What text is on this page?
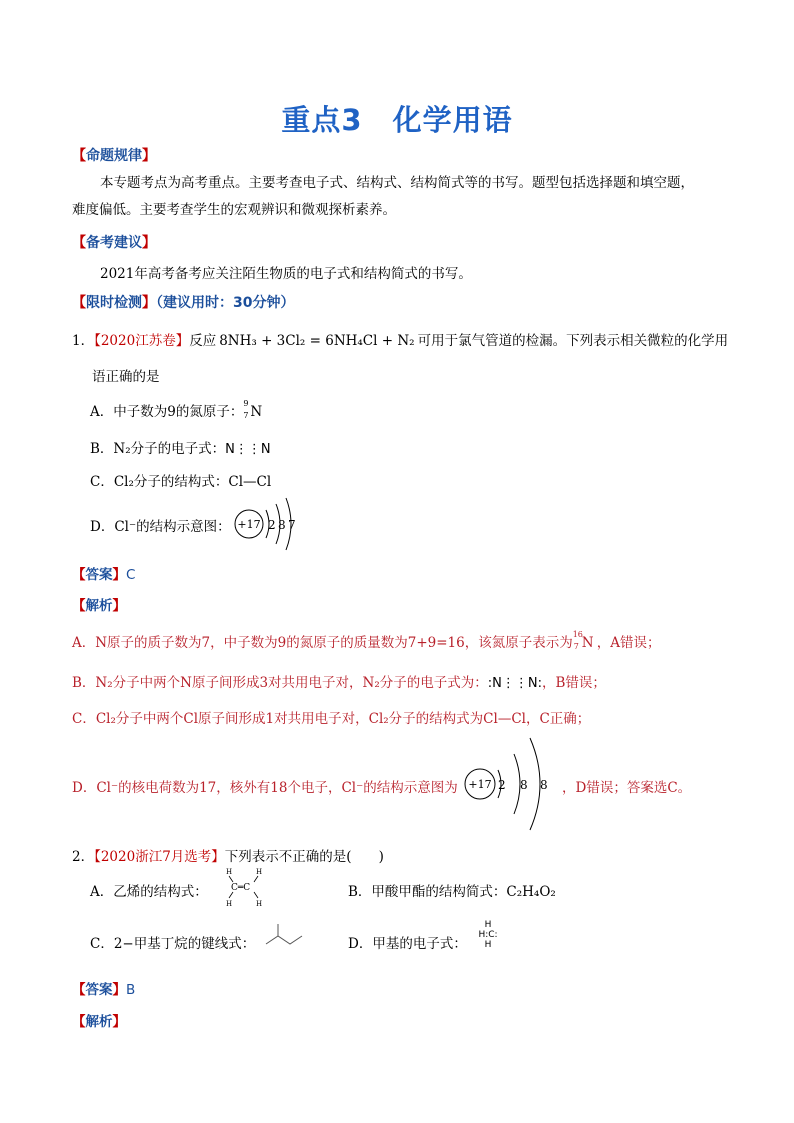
重点3　化学用语
【命题规律】
本专题考点为高考重点。主要考查电子式、结构式、结构简式等的书写。题型包括选择题和填空题，
难度偏低。主要考查学生的宏观辨识和微观探析素养。
【备考建议】
2021年高考备考应关注陌生物质的电子式和结构简式的书写。
【限时检测】（建议用时：30分钟）
1．【2020江苏卷】反应 8NH₃ + 3Cl₂ = 6NH₄Cl + N₂ 可用于氯气管道的检漏。下列表示相关微粒的化学用
语正确的是
A．中子数为9的氮原子：
9
7 N
B．N₂分子的电子式：N⋮⋮N
C．Cl₂分子的结构式：Cl—Cl
D．Cl⁻的结构示意图： +17 2 8 7
【答案】C
【解析】
A．N原子的质子数为7，中子数为9的氮原子的质量数为7+9=16，该氮原子表示为
16
7 N ，A错误；
B．N₂分子中两个N原子间形成3对共用电子对，N₂分子的电子式为：:N⋮⋮N:，B错误；
C．Cl₂分子中两个Cl原子间形成1对共用电子对，Cl₂分子的结构式为Cl—Cl，C正确；
D．Cl⁻的核电荷数为17，核外有18个电子，Cl⁻的结构示意图为 +17 2 8 8 ，D错误；答案选C。
2．【2020浙江7月选考】下列表示不正确的是(　　)
A．乙烯的结构式：
H	H
H	H
C═C	B．甲酸甲酯的结构简式：C₂H₄O₂
C．2−甲基丁烷的键线式：	D．甲基的电子式：
H
H:C:
H
【答案】B
【解析】
